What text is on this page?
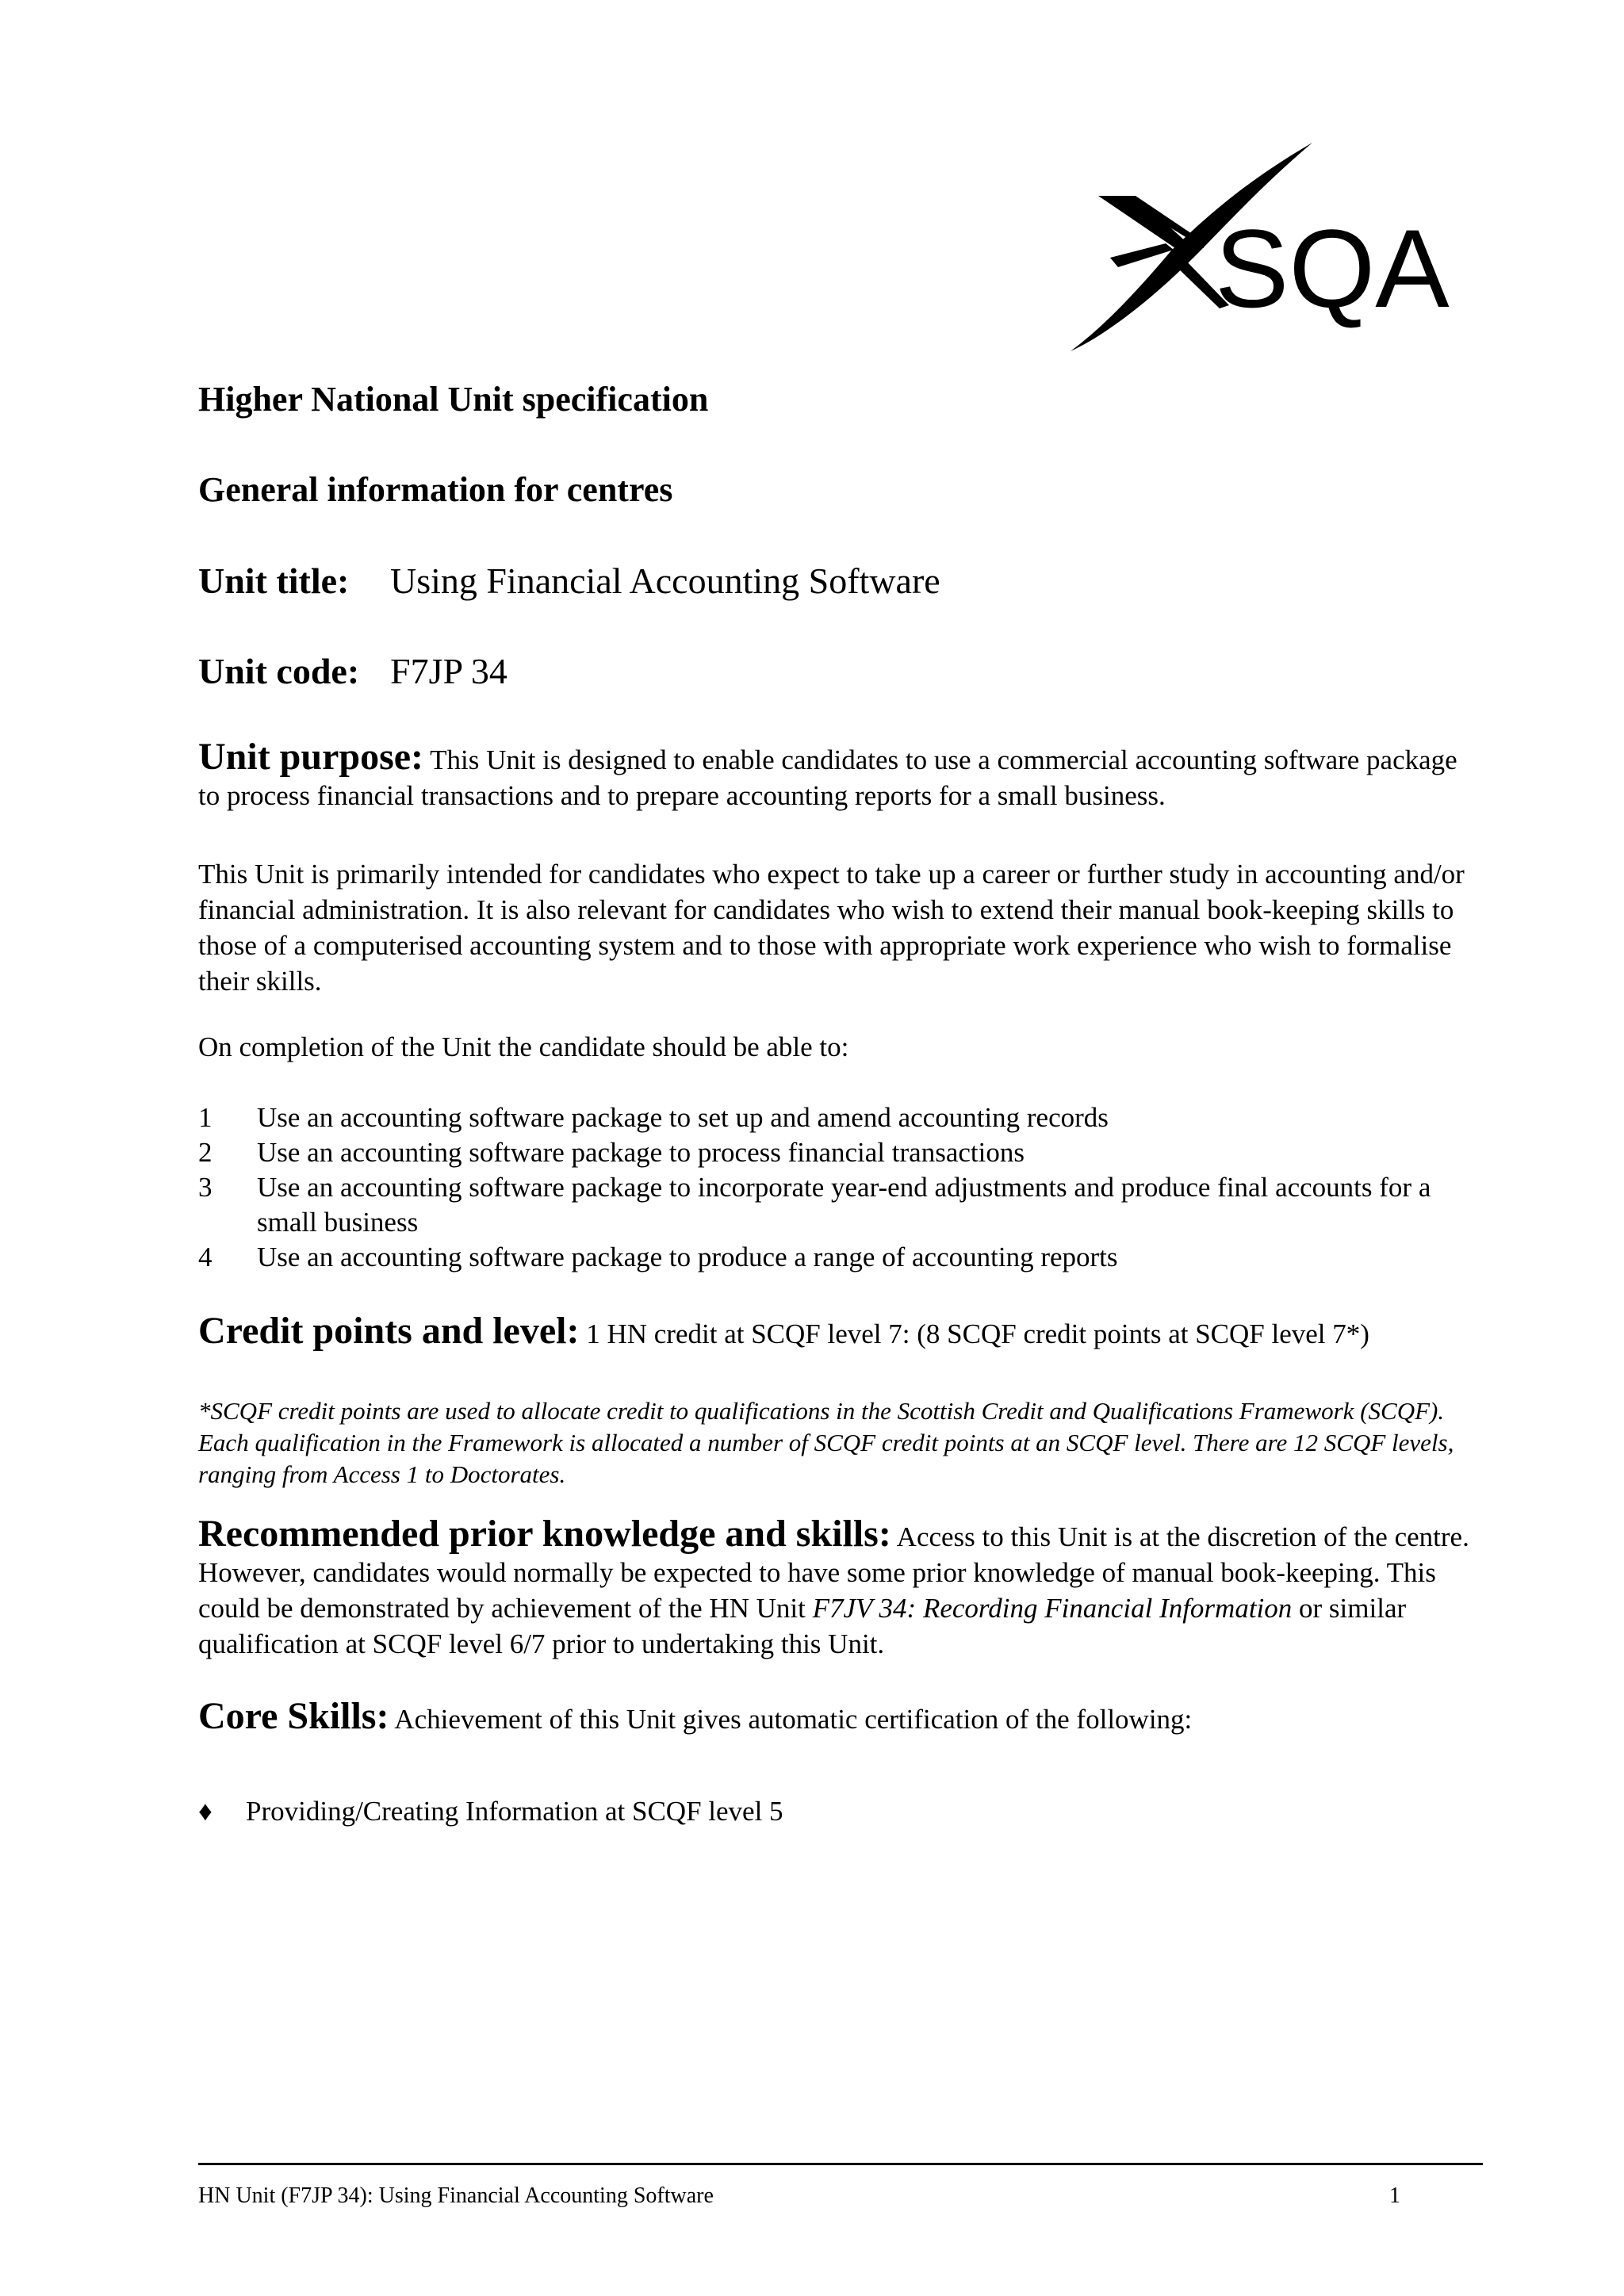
SQA
Higher National Unit specification
General information for centres
Unit title: Using Financial Accounting Software
Unit code: F7JP 34

Unit purpose: This Unit is designed to enable candidates to use a commercial accounting software package to process financial transactions and to prepare accounting reports for a small business.

This Unit is primarily intended for candidates who expect to take up a career or further study in accounting and/or financial administration. It is also relevant for candidates who wish to extend their manual book-keeping skills to those of a computerised accounting system and to those with appropriate work experience who wish to formalise their skills.

On completion of the Unit the candidate should be able to:

1	Use an accounting software package to set up and amend accounting records
2	Use an accounting software package to process financial transactions
3	Use an accounting software package to incorporate year-end adjustments and produce final accounts for a small business
4	Use an accounting software package to produce a range of accounting reports

Credit points and level: 1 HN credit at SCQF level 7: (8 SCQF credit points at SCQF level 7*)

*SCQF credit points are used to allocate credit to qualifications in the Scottish Credit and Qualifications Framework (SCQF). Each qualification in the Framework is allocated a number of SCQF credit points at an SCQF level. There are 12 SCQF levels, ranging from Access 1 to Doctorates.

Recommended prior knowledge and skills: Access to this Unit is at the discretion of the centre. However, candidates would normally be expected to have some prior knowledge of manual book-keeping. This could be demonstrated by achievement of the HN Unit F7JV 34: Recording Financial Information or similar qualification at SCQF level 6/7 prior to undertaking this Unit.

Core Skills: Achievement of this Unit gives automatic certification of the following:

♦	Providing/Creating Information at SCQF level 5
HN Unit (F7JP 34): Using Financial Accounting Software	1
